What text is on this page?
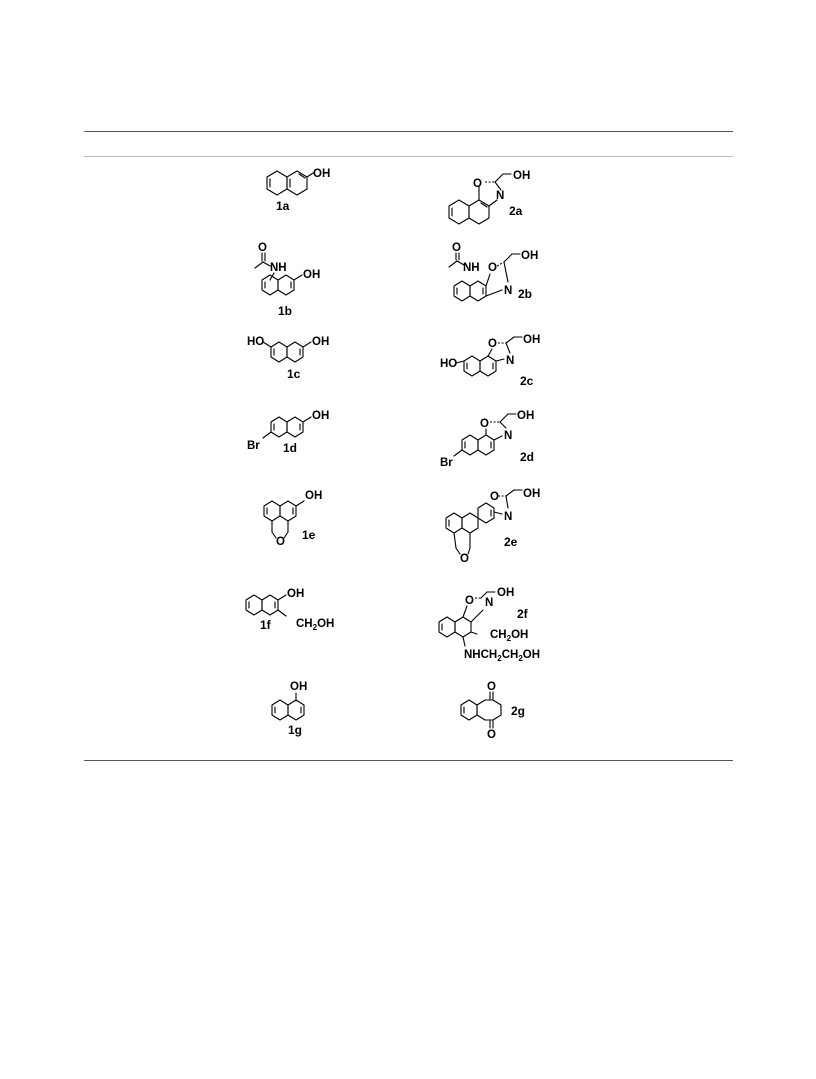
OH
1a
O
N
OH
2a
O
NH
OH
1b
O
NH O
N
OH
2b
HO	OH
1c
HO
O
N
OH
2c
OH
Br 1d
Br
O
N
OH
2d
OH
O 1e
O
N
OH
O
2e
OH
$CH_2OH$
1f
O N
OH
2f
$CH_2OH$
$NHCH_2CH_2OH$
OH
1g
O
O
2g
